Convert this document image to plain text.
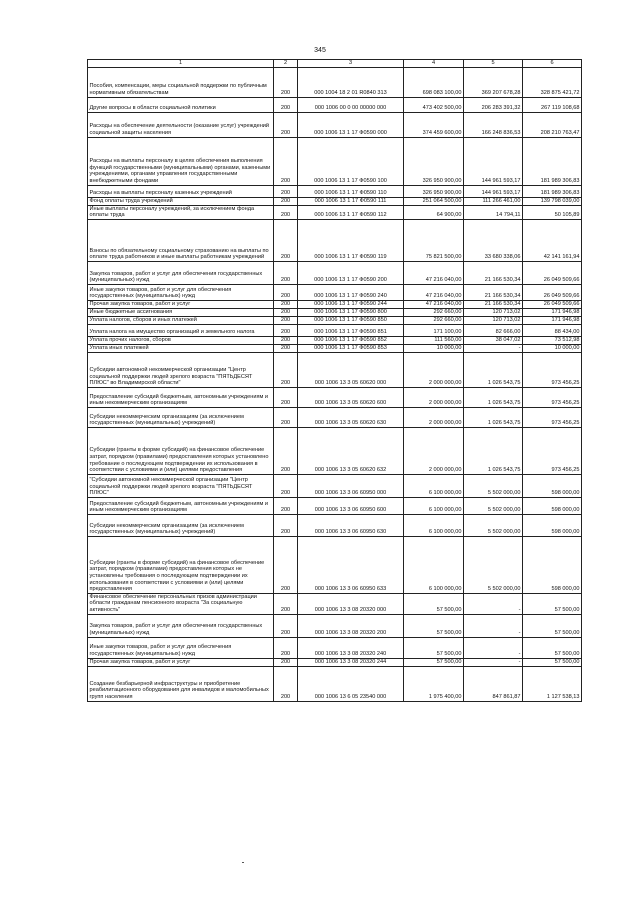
345
1	2	3	4	5	6
Пособия, компенсации, меры социальной поддержки по публичным нормативным обязательствам	200	000 1004 18 2 01 R0840 313	698 083 100,00	369 207 678,28	328 875 421,72
Другие вопросы в области социальной политики	200	000 1006 00 0 00 00000 000	473 402 500,00	206 283 391,32	267 119 108,68
Расходы на обеспечение деятельности (оказание услуг) учреждений социальной защиты населения	200	000 1006 13 1 17 Ф0590 000	374 459 600,00	166 248 836,53	208 210 763,47
Расходы на выплаты персоналу в целях обеспечения выполнения функций государственными (муниципальными) органами, казенными учреждениями, органами управления государственными внебюджетными фондами	200	000 1006 13 1 17 Ф0590 100	326 950 900,00	144 961 593,17	181 989 306,83
Расходы на выплаты персоналу казенных учреждений	200	000 1006 13 1 17 Ф0590 110	326 950 900,00	144 961 593,17	181 989 306,83
Фонд оплаты труда учреждений	200	000 1006 13 1 17 Ф0590 111	251 064 500,00	111 266 461,00	139 798 039,00
Иные выплаты персоналу учреждений, за исключением фонда оплаты труда	200	000 1006 13 1 17 Ф0590 112	64 900,00	14 794,11	50 105,89
Взносы по обязательному социальному страхованию на выплаты по оплате труда работников и иные выплаты работникам учреждений	200	000 1006 13 1 17 Ф0590 119	75 821 500,00	33 680 338,06	42 141 161,94
Закупка товаров, работ и услуг для обеспечения государственных (муниципальных) нужд	200	000 1006 13 1 17 Ф0590 200	47 216 040,00	21 166 530,34	26 049 509,66
Иные закупки товаров, работ и услуг для обеспечения государственных (муниципальных) нужд	200	000 1006 13 1 17 Ф0590 240	47 216 040,00	21 166 530,34	26 049 509,66
Прочая закупка товаров, работ и услуг	200	000 1006 13 1 17 Ф0590 244	47 216 040,00	21 166 530,34	26 049 509,66
Иные бюджетные ассигнования	200	000 1006 13 1 17 Ф0590 800	292 660,00	120 713,02	171 946,98
Уплата налогов, сборов и иных платежей	200	000 1006 13 1 17 Ф0590 850	292 660,00	120 713,02	171 946,98
Уплата налога на имущество организаций и земельного налога	200	000 1006 13 1 17 Ф0590 851	171 100,00	82 666,00	88 434,00
Уплата прочих налогов, сборов	200	000 1006 13 1 17 Ф0590 852	111 560,00	38 047,02	73 512,98
Уплата иных платежей	200	000 1006 13 1 17 Ф0590 853	10 000,00	-	10 000,00
Субсидии автономной некоммерческой организации "Центр социальной поддержки людей зрелого возраста "ПЯТЬДЕСЯТ ПЛЮС" во Владимирской области"	200	000 1006 13 3 05 60620 000	2 000 000,00	1 026 543,75	973 456,25
Предоставление субсидий бюджетным, автономным учреждениям и иным некоммерческим организациям	200	000 1006 13 3 05 60620 600	2 000 000,00	1 026 543,75	973 456,25
Субсидии некоммерческим организациям (за исключением государственных (муниципальных) учреждений)	200	000 1006 13 3 05 60620 630	2 000 000,00	1 026 543,75	973 456,25
Субсидии (гранты в форме субсидий) на финансовое обеспечение затрат, порядком (правилами) предоставления которых установлено требование о последующем подтверждении их использования в соответствии с условиями и (или) целями предоставления	200	000 1006 13 3 05 60620 632	2 000 000,00	1 026 543,75	973 456,25
"Субсидии автономной некоммерческой организации "Центр социальной поддержки людей зрелого возраста "ПЯТЬДЕСЯТ ПЛЮС"	200	000 1006 13 3 06 60950 000	6 100 000,00	5 502 000,00	598 000,00
Предоставление субсидий бюджетным, автономным учреждениям и иным некоммерческим организациям	200	000 1006 13 3 06 60950 600	6 100 000,00	5 502 000,00	598 000,00
Субсидии некоммерческим организациям (за исключением государственных (муниципальных) учреждений)	200	000 1006 13 3 06 60950 630	6 100 000,00	5 502 000,00	598 000,00
Субсидии (гранты в форме субсидий) на финансовое обеспечение затрат, порядком (правилами) предоставления которых не установлены требования о последующем подтверждении их использования в соответствии с условиями и (или) целями предоставления	200	000 1006 13 3 06 60950 633	6 100 000,00	5 502 000,00	598 000,00
Финансовое обеспечение персональных призов администрации области гражданам пенсионного возраста "За социальную активность"	200	000 1006 13 3 08 20320 000	57 500,00	-	57 500,00
Закупка товаров, работ и услуг для обеспечения государственных (муниципальных) нужд	200	000 1006 13 3 08 20320 200	57 500,00	-	57 500,00
Иные закупки товаров, работ и услуг для обеспечения государственных (муниципальных) нужд	200	000 1006 13 3 08 20320 240	57 500,00	-	57 500,00
Прочая закупка товаров, работ и услуг	200	000 1006 13 3 08 20320 244	57 500,00	-	57 500,00
Создание безбарьерной инфраструктуры и приобретение реабилитационного оборудования для инвалидов и маломобильных групп населения	200	000 1006 13 6 05 23540 000	1 975 400,00	847 861,87	1 127 538,13
